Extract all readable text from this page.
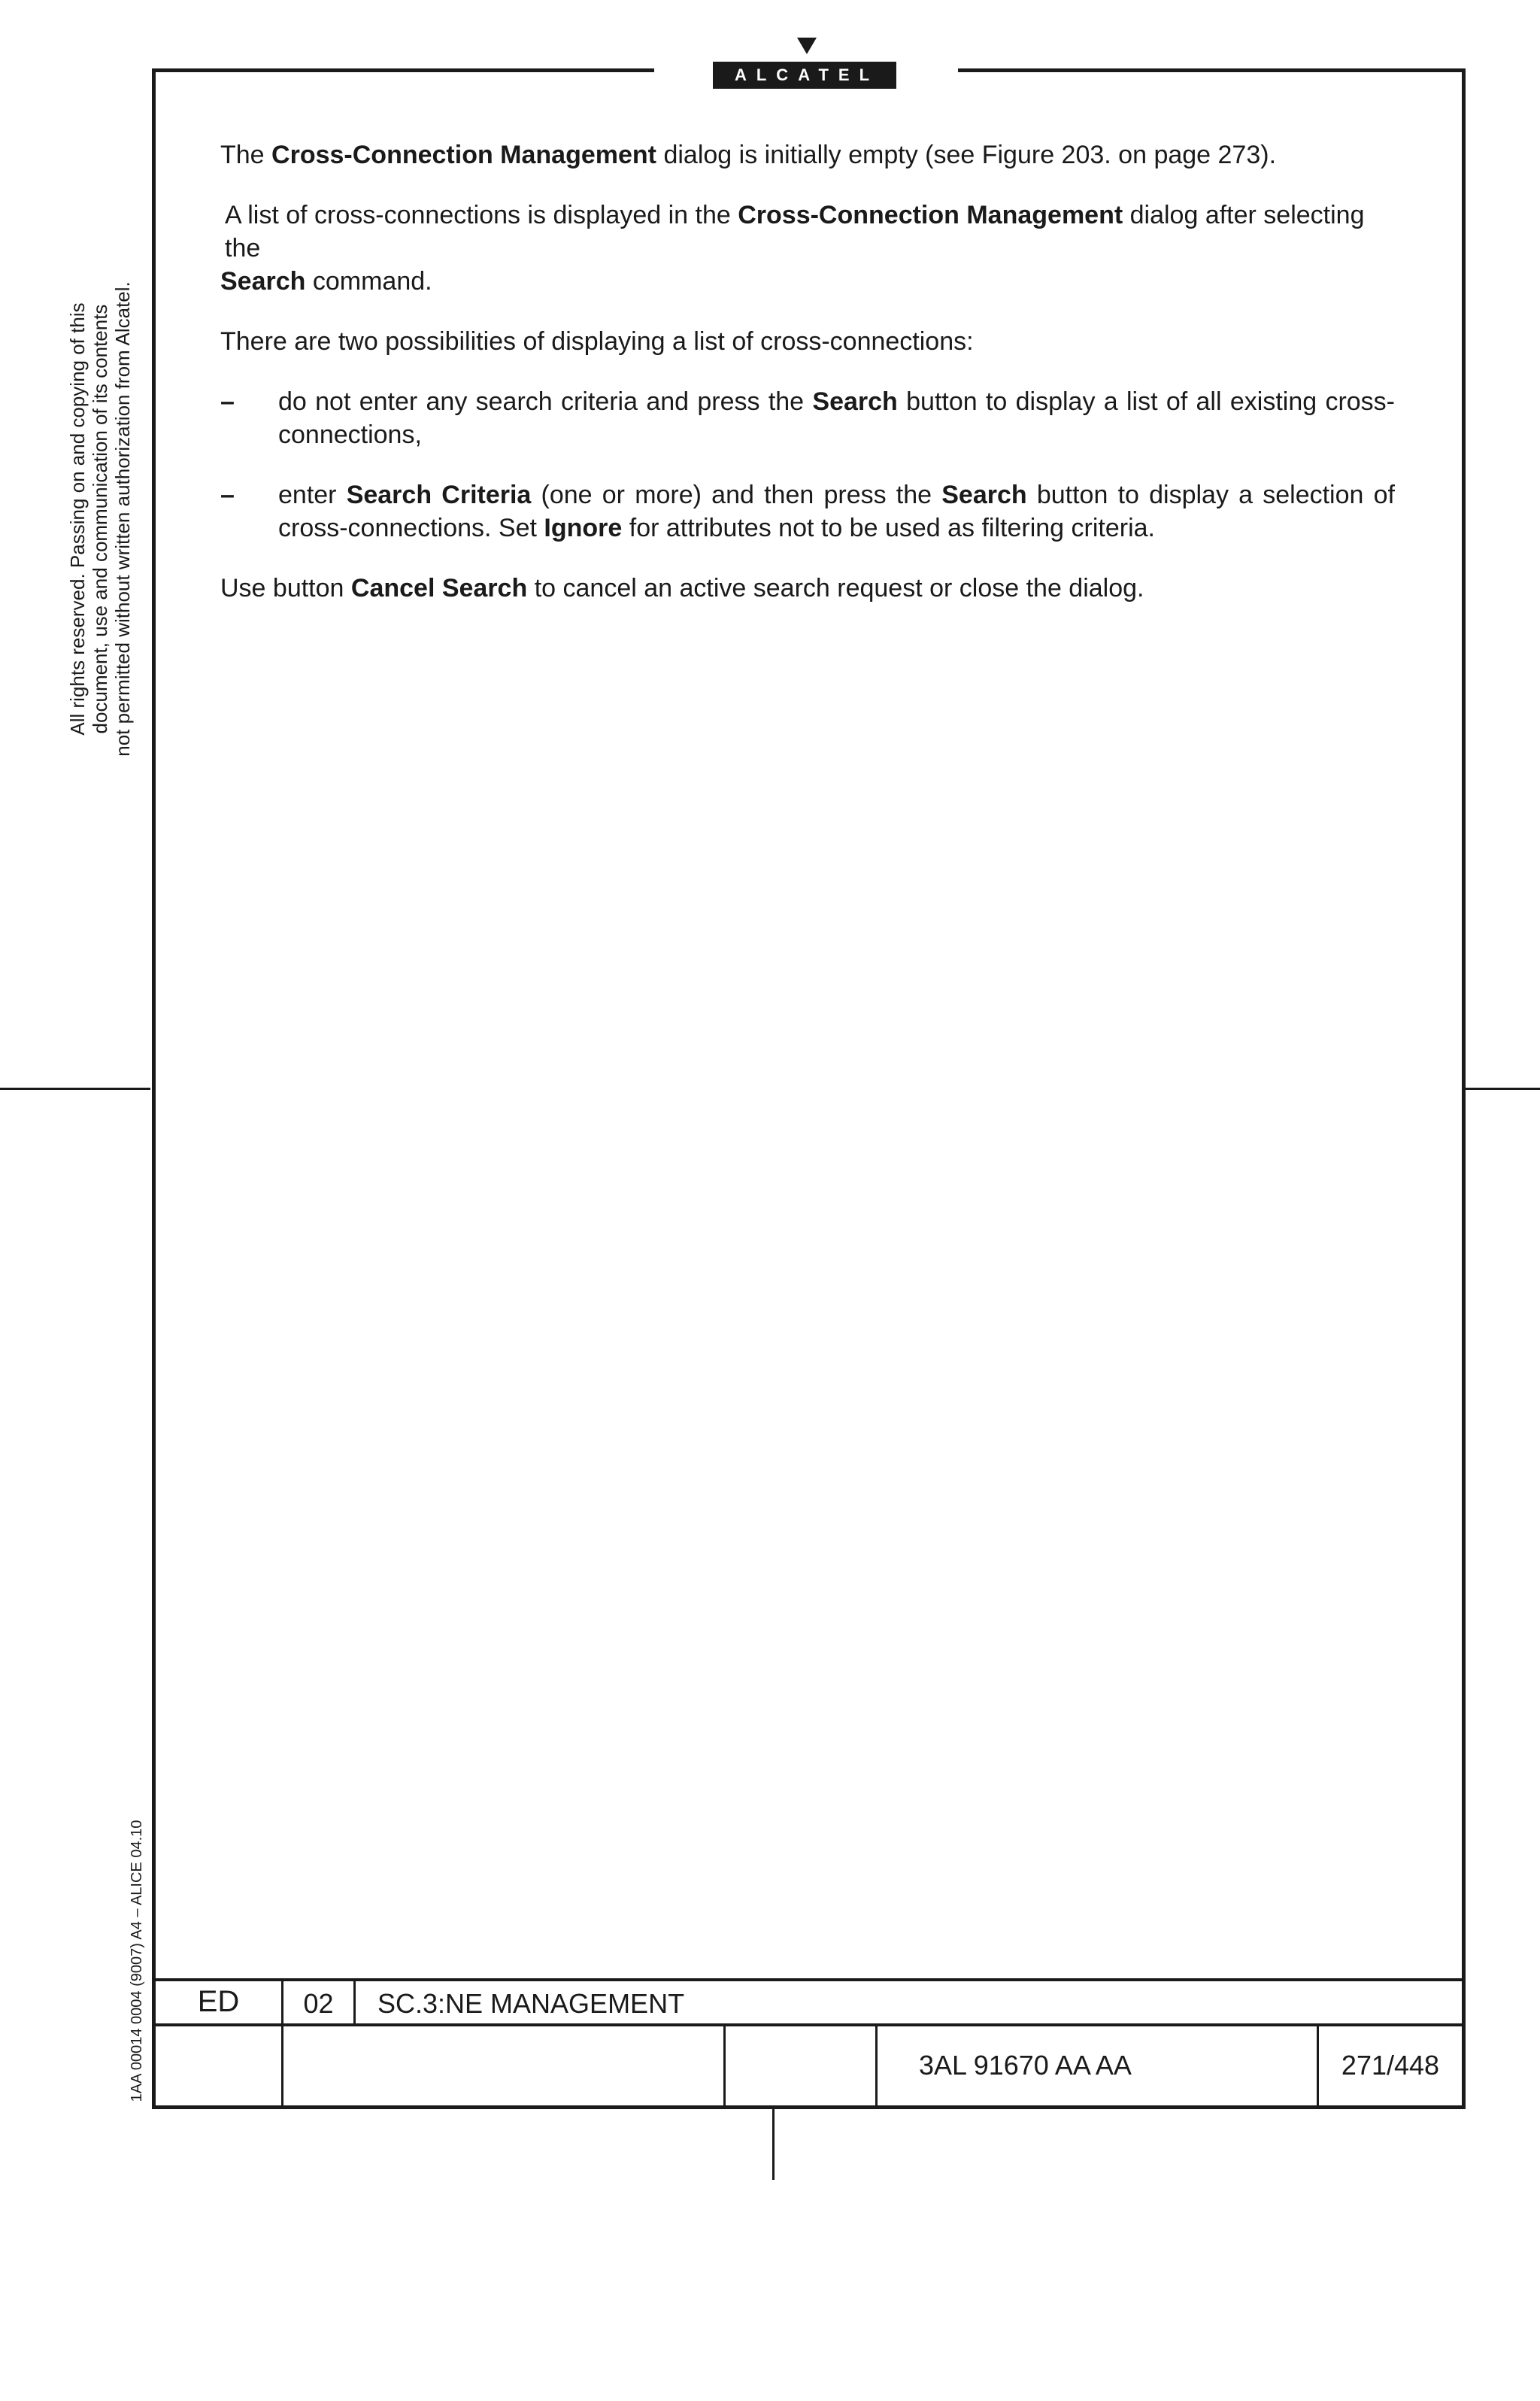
ALCATEL
All rights reserved. Passing on and copying of this document, use and communication of its contents not permitted without written authorization from Alcatel.
1AA 00014 0004 (9007) A4 – ALICE 04.10

The Cross-Connection Management dialog is initially empty (see Figure 203. on page 273).

A list of cross-connections is displayed in the Cross-Connection Management dialog after selecting the
Search command.

There are two possibilities of displaying a list of cross-connections:

–	do not enter any search criteria and press the Search button to display a list of all existing cross-connections,
–	enter Search Criteria (one or more) and then press the Search button to display a selection of cross-connections. Set Ignore for attributes not to be used as filtering criteria.

Use button Cancel Search to cancel an active search request or close the dialog.

ED	02	SC.3:NE MANAGEMENT
3AL 91670 AA AA	271/448
